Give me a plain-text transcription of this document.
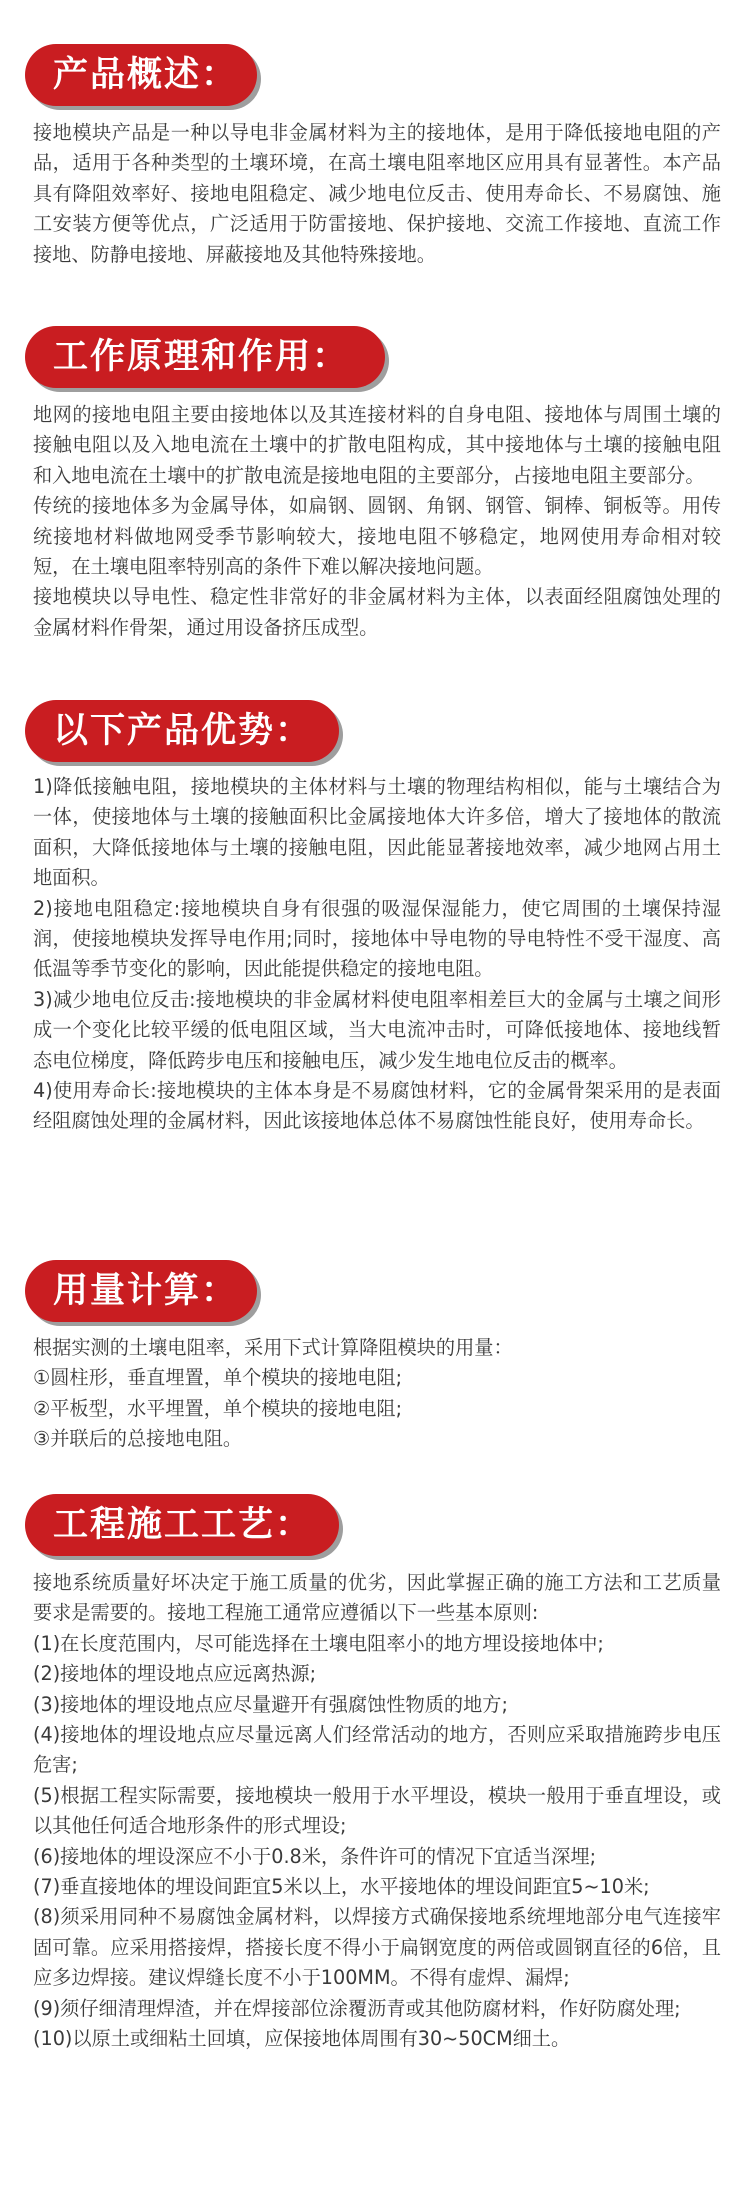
产品概述：

接地模块产品是一种以导电非金属材料为主的接地体，是用于降低接地电阻的产品，适用于各种类型的土壤环境，在高土壤电阻率地区应用具有显著性。本产品具有降阻效率好、接地电阻稳定、减少地电位反击、使用寿命长、不易腐蚀、施工安装方便等优点，广泛适用于防雷接地、保护接地、交流工作接地、直流工作接地、防静电接地、屏蔽接地及其他特殊接地。

工作原理和作用：

地网的接地电阻主要由接地体以及其连接材料的自身电阻、接地体与周围土壤的接触电阻以及入地电流在土壤中的扩散电阻构成，其中接地体与土壤的接触电阻和入地电流在土壤中的扩散电流是接地电阻的主要部分，占接地电阻主要部分。

传统的接地体多为金属导体，如扁钢、圆钢、角钢、钢管、铜棒、铜板等。用传统接地材料做地网受季节影响较大，接地电阻不够稳定，地网使用寿命相对较短，在土壤电阻率特别高的条件下难以解决接地问题。

接地模块以导电性、稳定性非常好的非金属材料为主体，以表面经阻腐蚀处理的金属材料作骨架，通过用设备挤压成型。

以下产品优势：

1)降低接触电阻，接地模块的主体材料与土壤的物理结构相似，能与土壤结合为一体，使接地体与土壤的接触面积比金属接地体大许多倍，增大了接地体的散流面积，大降低接地体与土壤的接触电阻，因此能显著接地效率，减少地网占用土地面积。

2)接地电阻稳定:接地模块自身有很强的吸湿保湿能力，使它周围的土壤保持湿润，使接地模块发挥导电作用;同时，接地体中导电物的导电特性不受干湿度、高低温等季节变化的影响，因此能提供稳定的接地电阻。

3)减少地电位反击:接地模块的非金属材料使电阻率相差巨大的金属与土壤之间形成一个变化比较平缓的低电阻区域，当大电流冲击时，可降低接地体、接地线暂态电位梯度，降低跨步电压和接触电压，减少发生地电位反击的概率。

4)使用寿命长:接地模块的主体本身是不易腐蚀材料，它的金属骨架采用的是表面经阻腐蚀处理的金属材料，因此该接地体总体不易腐蚀性能良好，使用寿命长。

用量计算：

根据实测的土壤电阻率，采用下式计算降阻模块的用量：

①圆柱形，垂直埋置，单个模块的接地电阻;

②平板型，水平埋置，单个模块的接地电阻;

③并联后的总接地电阻。

工程施工工艺：

接地系统质量好坏决定于施工质量的优劣，因此掌握正确的施工方法和工艺质量要求是需要的。接地工程施工通常应遵循以下一些基本原则:

(1)在长度范围内，尽可能选择在土壤电阻率小的地方埋设接地体中;

(2)接地体的埋设地点应远离热源;

(3)接地体的埋设地点应尽量避开有强腐蚀性物质的地方;

(4)接地体的埋设地点应尽量远离人们经常活动的地方，否则应采取措施跨步电压危害;

(5)根据工程实际需要，接地模块一般用于水平埋设，模块一般用于垂直埋设，或以其他任何适合地形条件的形式埋设;

(6)接地体的埋设深应不小于0.8米，条件许可的情况下宜适当深埋;

(7)垂直接地体的埋设间距宜5米以上，水平接地体的埋设间距宜5~10米;

(8)须采用同种不易腐蚀金属材料，以焊接方式确保接地系统埋地部分电气连接牢固可靠。应采用搭接焊，搭接长度不得小于扁钢宽度的两倍或圆钢直径的6倍，且应多边焊接。建议焊缝长度不小于100MM。不得有虚焊、漏焊;

(9)须仔细清理焊渣，并在焊接部位涂覆沥青或其他防腐材料，作好防腐处理;

(10)以原土或细粘土回填，应保接地体周围有30~50CM细土。
